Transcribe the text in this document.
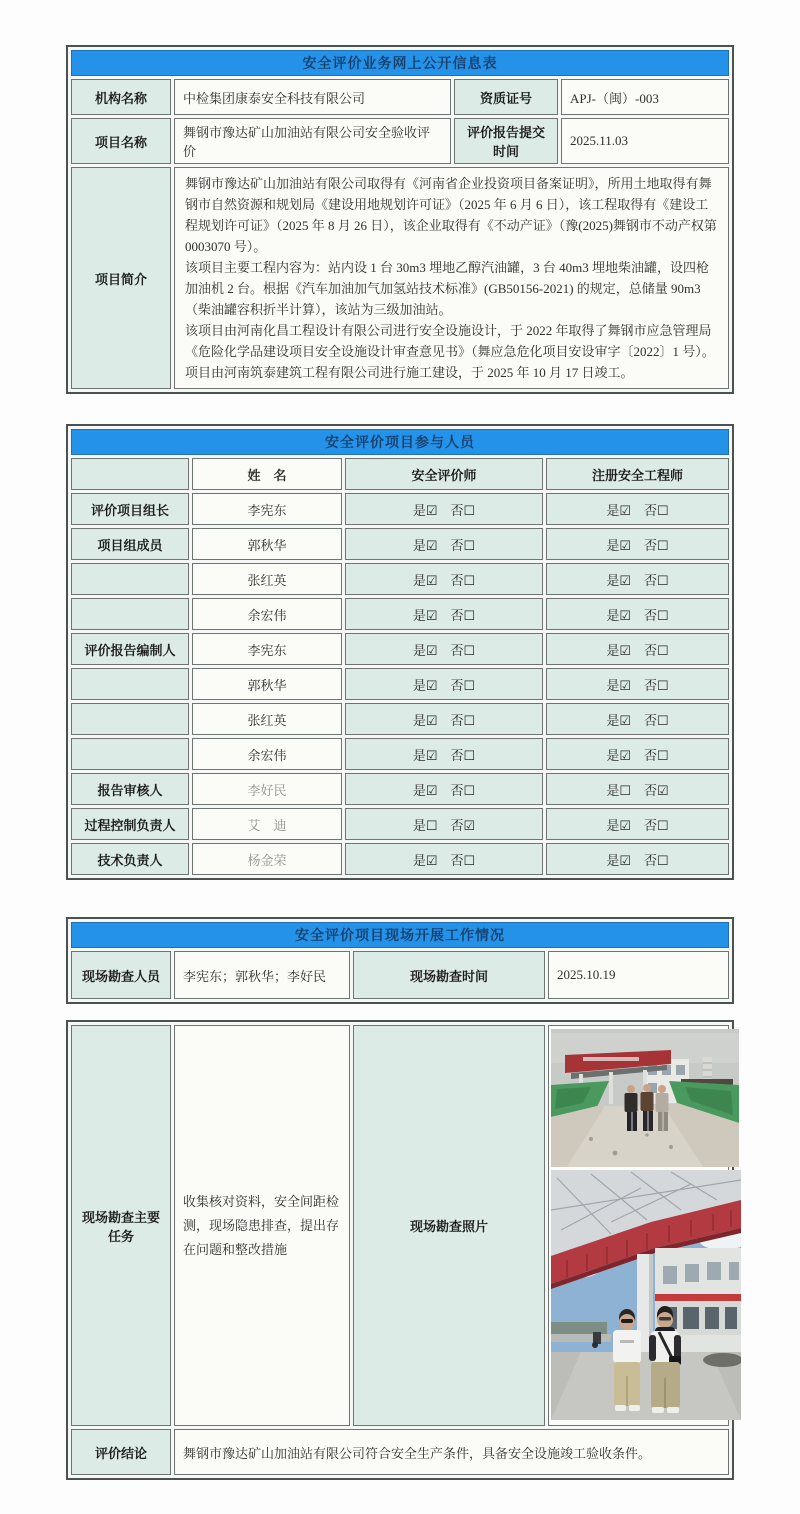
安全评价业务网上公开信息表			
机构名称	中检集团康泰安全科技有限公司	资质证号	APJ-（闽）-003
项目名称	舞钢市豫达矿山加油站有限公司安全验收评价	评价报告提交时间	2025.11.03
项目简介	舞钢市豫达矿山加油站有限公司取得有《河南省企业投资项目备案证明》，所用土地取得有舞钢市自然资源和规划局《建设用地规划许可证》（2025 年 6 月 6 日），该工程取得有《建设工程规划许可证》（2025 年 8 月 26 日），该企业取得有《不动产证》（豫(2025)舞钢市不动产权第 0003070 号）。

该项目主要工程内容为：站内设 1 台 30m3 埋地乙醇汽油罐，3 台 40m3 埋地柴油罐，设四枪加油机 2 台。根据《汽车加油加气加氢站技术标准》(GB50156-2021) 的规定，总储量 90m3（柴油罐容积折半计算），该站为三级加油站。

该项目由河南化昌工程设计有限公司进行安全设施设计，于 2022 年取得了舞钢市应急管理局《危险化学品建设项目安全设施设计审查意见书》（舞应急危化项目安设审字〔2022〕1 号）。项目由河南筑泰建筑工程有限公司进行施工建设，于 2025 年 10 月 17 日竣工。		

安全评价项目参与人员			
	姓　名	安全评价师	注册安全工程师
评价项目组长	李宪东	是☑　否☐	是☑　否☐
项目组成员	郭秋华	是☑　否☐	是☑　否☐
	张红英	是☑　否☐	是☑　否☐
	余宏伟	是☑　否☐	是☑　否☐
评价报告编制人	李宪东	是☑　否☐	是☑　否☐
	郭秋华	是☑　否☐	是☑　否☐
	张红英	是☑　否☐	是☑　否☐
	余宏伟	是☑　否☐	是☑　否☐
报告审核人	李好民	是☑　否☐	是☐　否☑
过程控制负责人	艾　迪	是☐　否☑	是☑　否☐
技术负责人	杨金荣	是☑　否☐	是☑　否☐
安全评价项目现场开展工作情况
现场勘查人员	李宪东；郭秋华；李好民	现场勘查时间	2025.10.19
现场勘查主要任务	收集核对资料，安全间距检测，现场隐患排查，提出存在问题和整改措施	现场勘查照片	

评价结论	舞钢市豫达矿山加油站有限公司符合安全生产条件，具备安全设施竣工验收条件。		
